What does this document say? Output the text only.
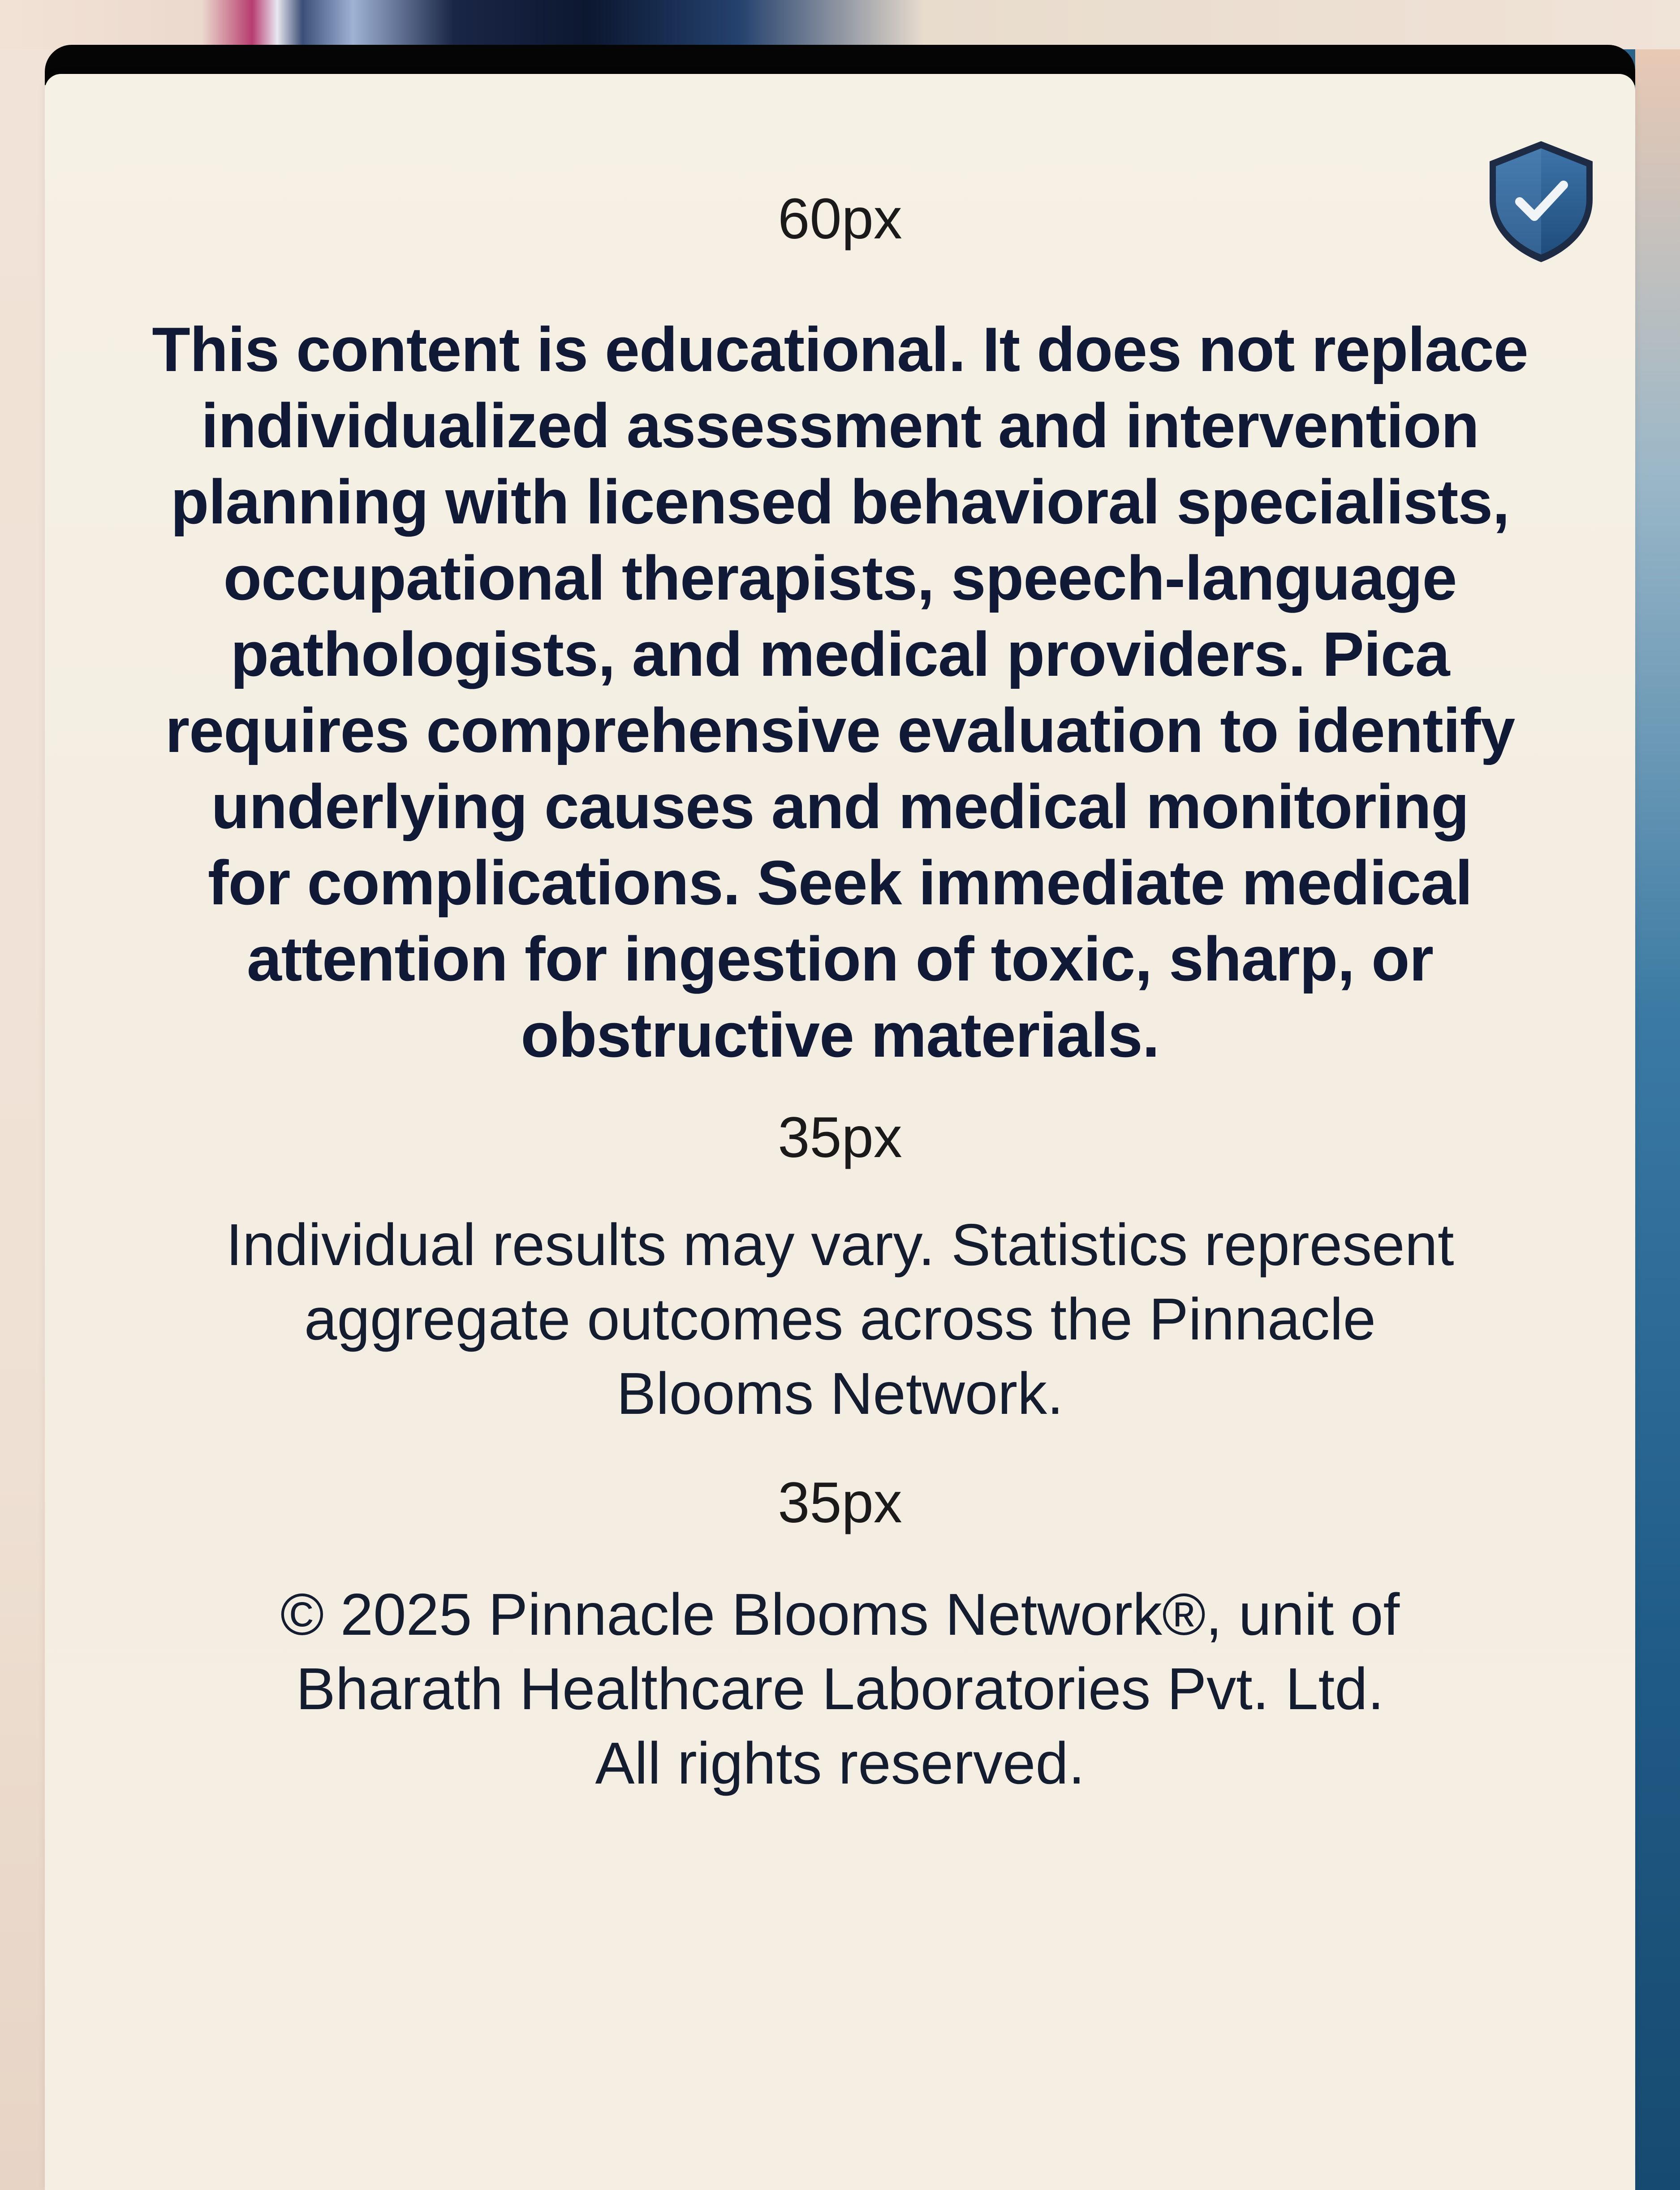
60px
This content is educational. It does not replace
individualized assessment and intervention
planning with licensed behavioral specialists,
occupational therapists, speech-language
pathologists, and medical providers. Pica
requires comprehensive evaluation to identify
underlying causes and medical monitoring
for complications. Seek immediate medical
attention for ingestion of toxic, sharp, or
obstructive materials.
35px
Individual results may vary. Statistics represent
aggregate outcomes across the Pinnacle
Blooms Network.
35px
© 2025 Pinnacle Blooms Network®, unit of
Bharath Healthcare Laboratories Pvt. Ltd.
All rights reserved.
